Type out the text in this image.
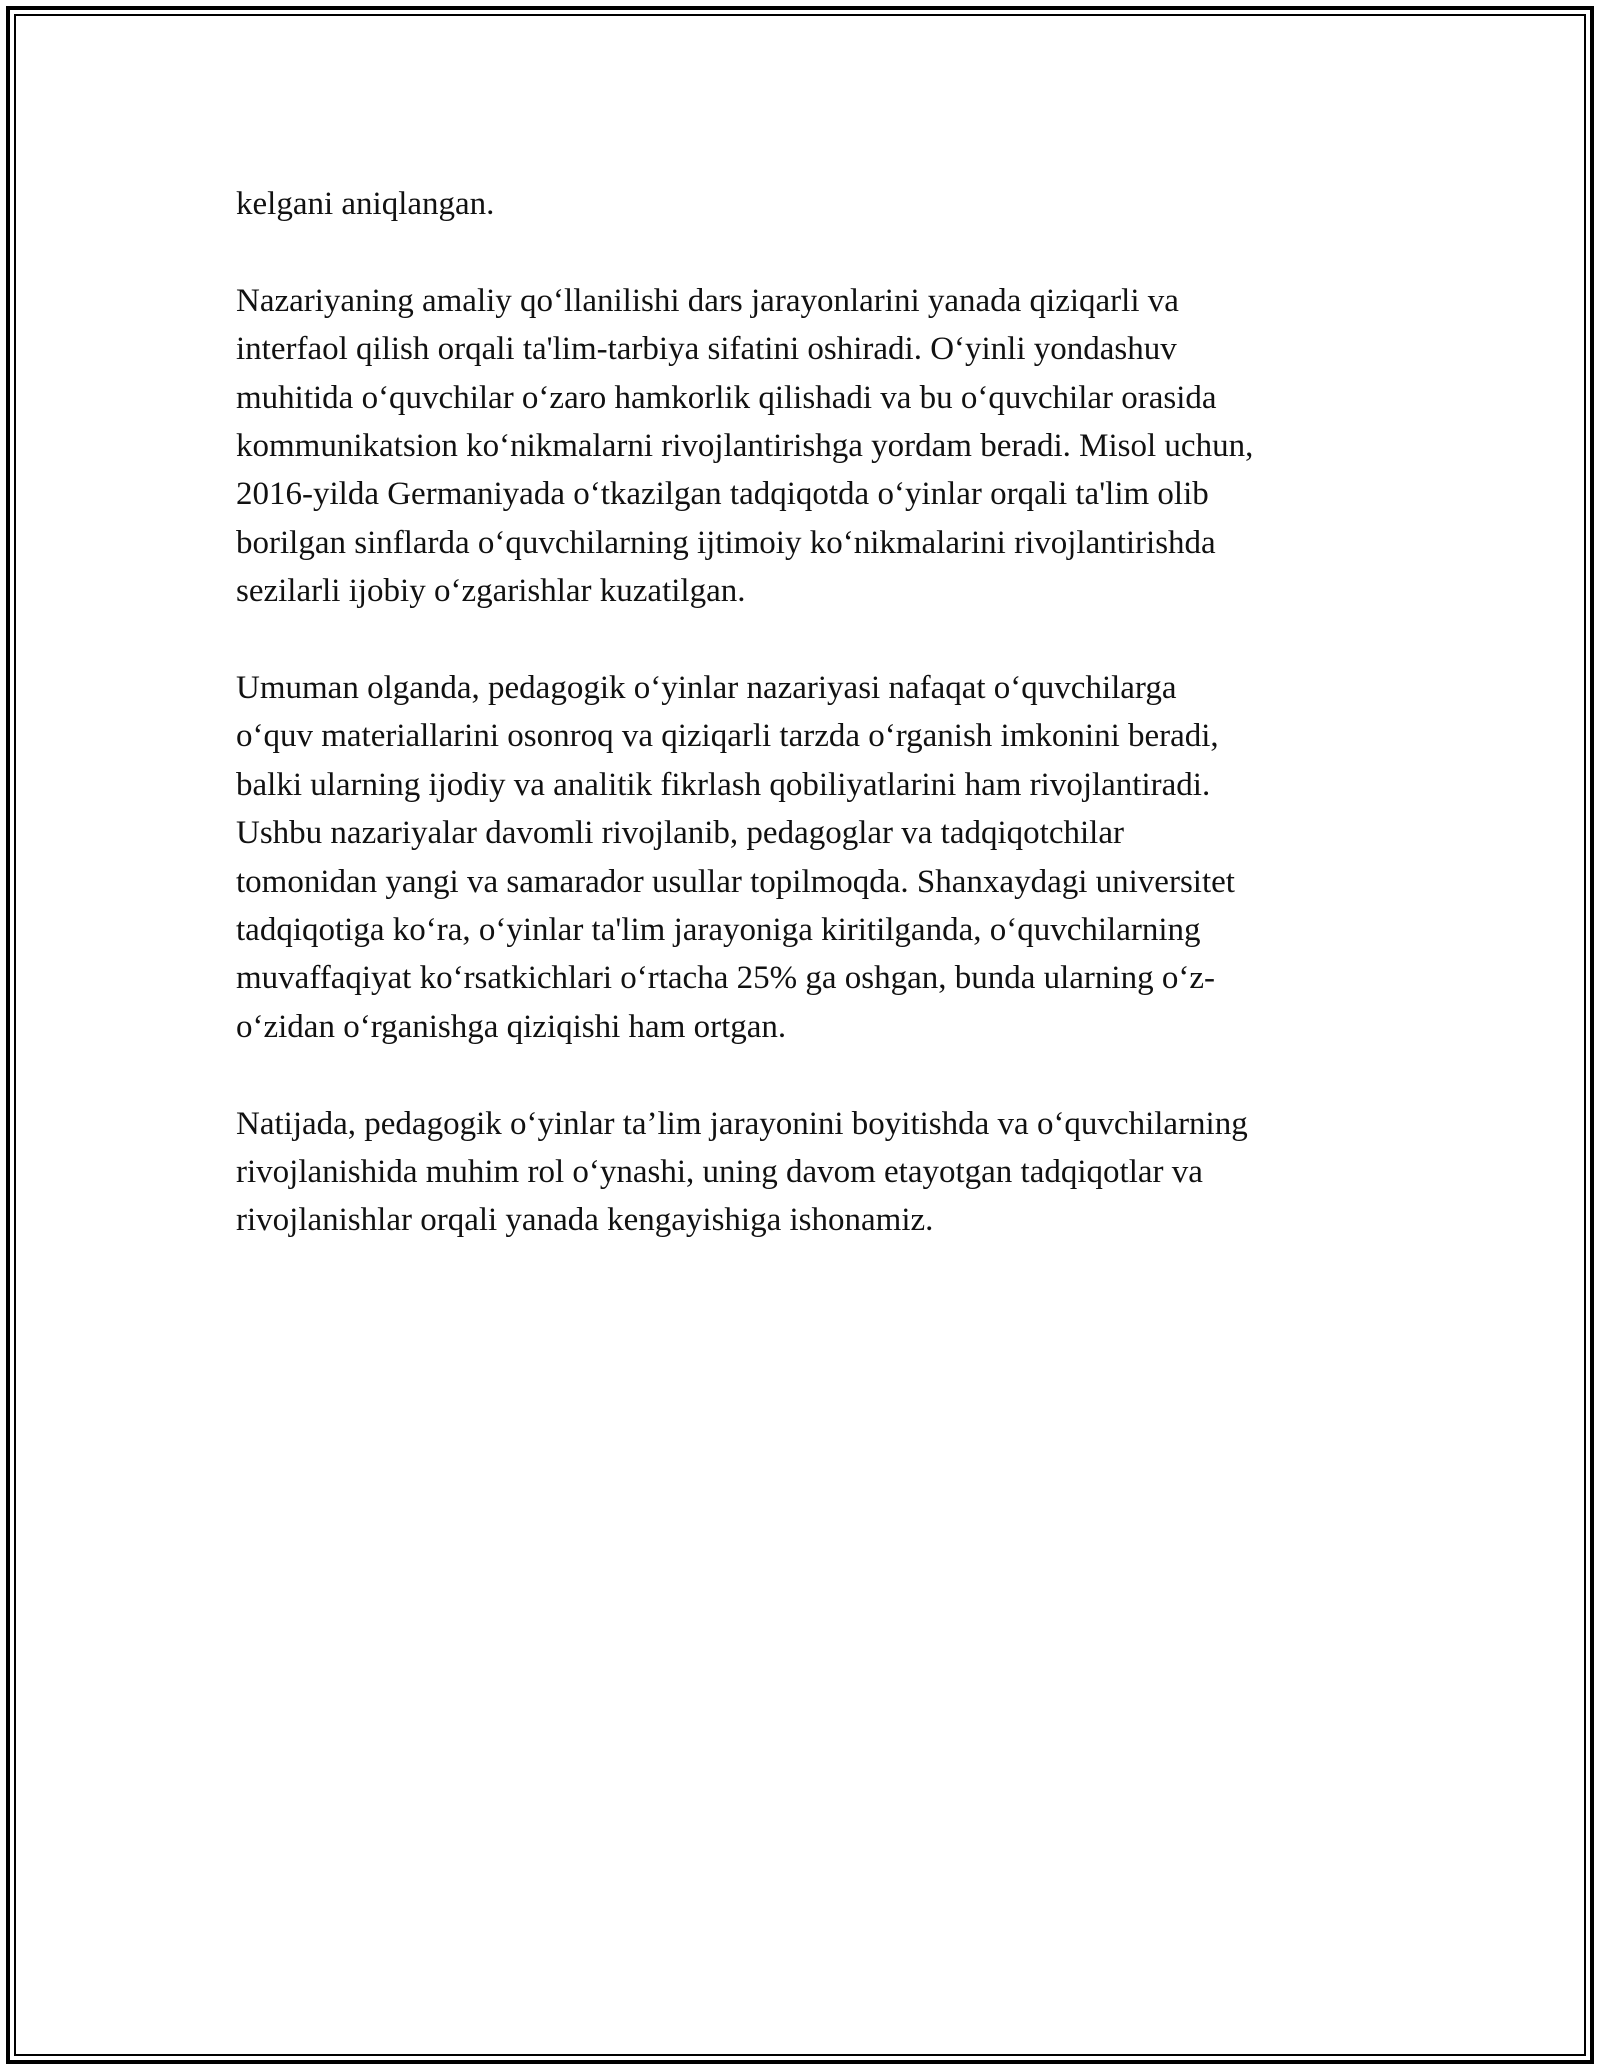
kelgani aniqlangan.

Nazariyaning amaliy qo‘llanilishi dars jarayonlarini yanada qiziqarli va
interfaol qilish orqali ta'lim-tarbiya sifatini oshiradi. O‘yinli yondashuv
muhitida o‘quvchilar o‘zaro hamkorlik qilishadi va bu o‘quvchilar orasida
kommunikatsion ko‘nikmalarni rivojlantirishga yordam beradi. Misol uchun,
2016-yilda Germaniyada o‘tkazilgan tadqiqotda o‘yinlar orqali ta'lim olib
borilgan sinflarda o‘quvchilarning ijtimoiy ko‘nikmalarini rivojlantirishda
sezilarli ijobiy o‘zgarishlar kuzatilgan.

Umuman olganda, pedagogik o‘yinlar nazariyasi nafaqat o‘quvchilarga
o‘quv materiallarini osonroq va qiziqarli tarzda o‘rganish imkonini beradi,
balki ularning ijodiy va analitik fikrlash qobiliyatlarini ham rivojlantiradi.
Ushbu nazariyalar davomli rivojlanib, pedagoglar va tadqiqotchilar
tomonidan yangi va samarador usullar topilmoqda. Shanxaydagi universitet
tadqiqotiga ko‘ra, o‘yinlar ta'lim jarayoniga kiritilganda, o‘quvchilarning
muvaffaqiyat ko‘rsatkichlari o‘rtacha 25% ga oshgan, bunda ularning o‘z-
o‘zidan o‘rganishga qiziqishi ham ortgan.

Natijada, pedagogik o‘yinlar ta’lim jarayonini boyitishda va o‘quvchilarning
rivojlanishida muhim rol o‘ynashi, uning davom etayotgan tadqiqotlar va
rivojlanishlar orqali yanada kengayishiga ishonamiz.
